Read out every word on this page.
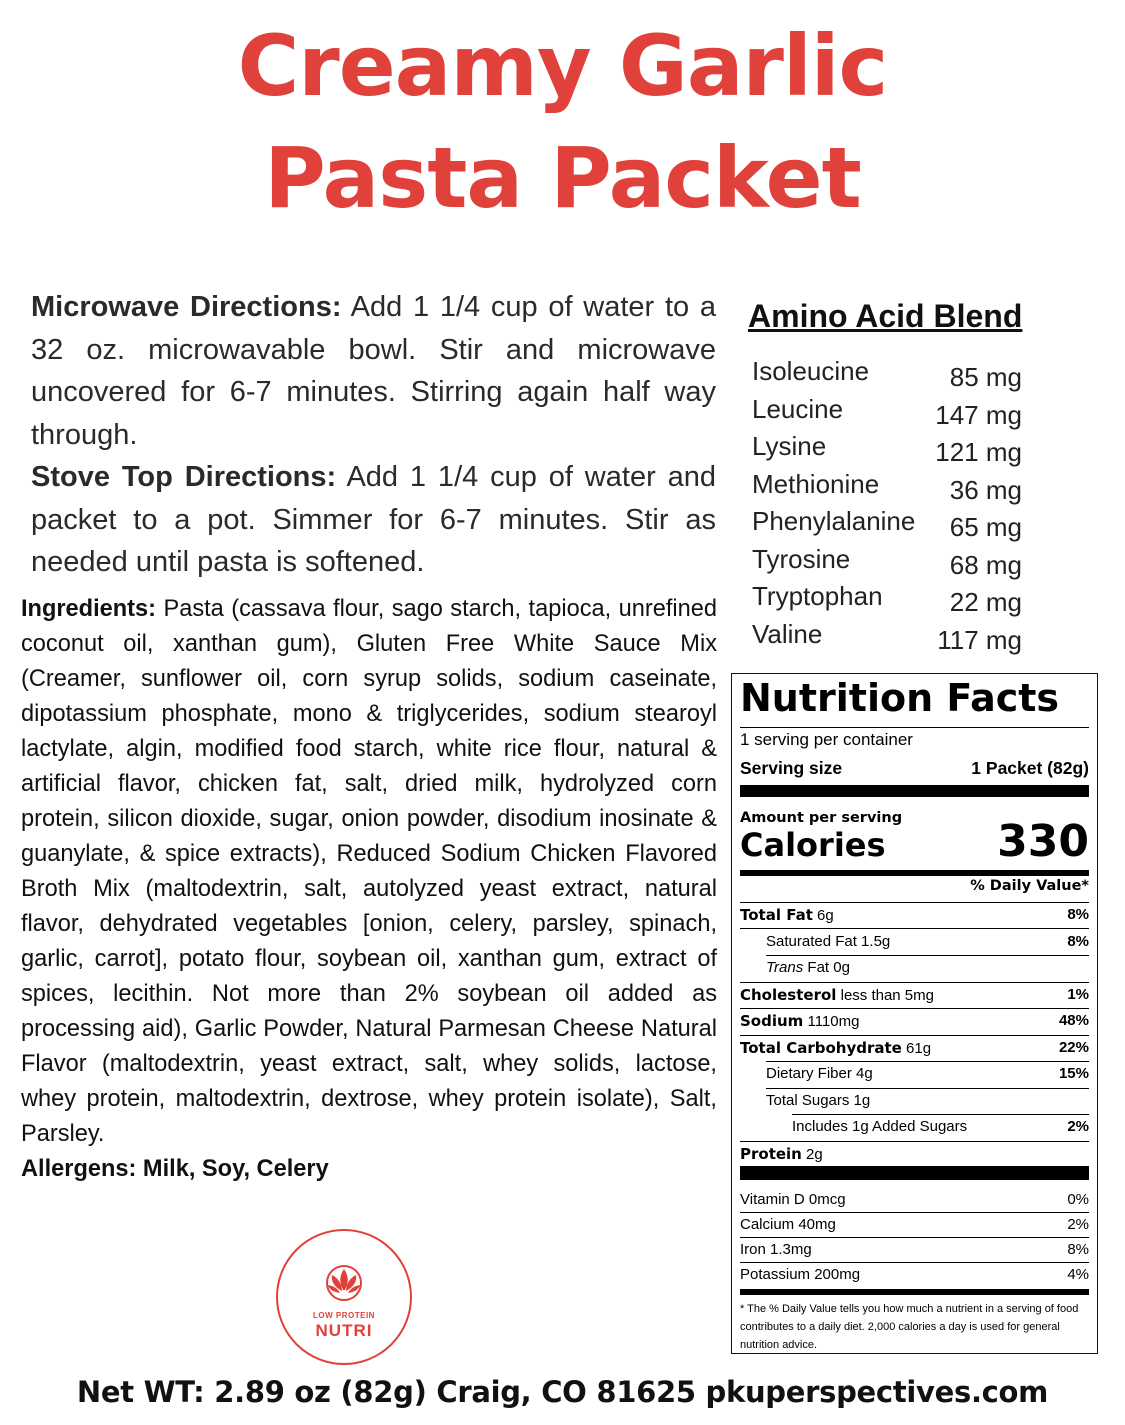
Creamy Garlic
Pasta Packet

Microwave Directions: Add 1 1/4 cup of water to a 32 oz. microwavable bowl. Stir and microwave uncovered for 6-7 minutes. Stirring again half way through.

Stove Top Directions: Add 1 1/4 cup of water and packet to a pot. Simmer for 6-7 minutes. Stir as needed until pasta is softened.

Ingredients: Pasta (cassava flour, sago starch, tapioca, unrefined coconut oil, xanthan gum), Gluten Free White Sauce Mix (Creamer, sunflower oil, corn syrup solids, sodium caseinate, dipotassium phosphate, mono & triglycerides, sodium stearoyl lactylate, algin, modified food starch, white rice flour, natural & artificial flavor, chicken fat, salt, dried milk, hydrolyzed corn protein, silicon dioxide, sugar, onion powder, disodium inosinate & guanylate, & spice extracts), Reduced Sodium Chicken Flavored Broth Mix (maltodextrin, salt, autolyzed yeast extract, natural flavor, dehydrated vegetables [onion, celery, parsley, spinach, garlic, carrot], potato flour, soybean oil, xanthan gum, extract of spices, lecithin. Not more than 2% soybean oil added as processing aid), Garlic Powder, Natural Parmesan Cheese Natural Flavor (maltodextrin, yeast extract, salt, whey solids, lactose, whey protein, maltodextrin, dextrose, whey protein isolate), Salt, Parsley.

Allergens: Milk, Soy, Celery

Amino Acid Blend
Isoleucine	85 mg
Leucine	147 mg
Lysine	121 mg
Methionine	36 mg
Phenylalanine 65 mg
Tyrosine	68 mg
Tryptophan	22 mg
Valine	117 mg
Nutrition Facts
1 serving per container
Serving size	1 Packet (82g)
Amount per serving
Calories	330
% Daily Value*
Total Fat 6g	8%
Saturated Fat 1.5g	8%
Trans Fat 0g
Cholesterol less than 5mg	1%
Sodium 1110mg	48%
Total Carbohydrate 61g	22%
Dietary Fiber 4g	15%
Total Sugars 1g
Includes 1g Added Sugars	2%
Protein 2g
Vitamin D 0mcg	0%
Calcium 40mg	2%
Iron 1.3mg	8%
Potassium 200mg	4%
* The % Daily Value tells you how much a nutrient in a serving of food contributes to a daily diet. 2,000 calories a day is used for general nutrition advice.
LOW PROTEIN
NUTRI
Net WT: 2.89 oz (82g) Craig, CO 81625 pkuperspectives.com
